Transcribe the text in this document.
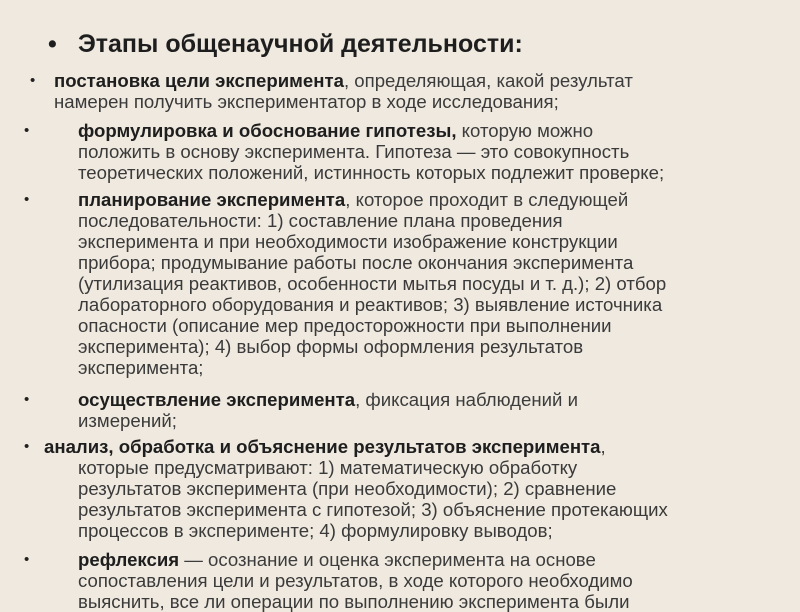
• Этапы общенаучной деятельности:
•	постановка цели эксперимента, определяющая, какой результат
намерен получить экспериментатор в ходе исследования;
•	формулировка и обоснование гипотезы, которую можно
положить в основу эксперимента. Гипотеза — это совокупность
теоретических положений, истинность которых подлежит проверке;
•	планирование эксперимента, которое проходит в следующей
последовательности: 1) составление плана проведения
эксперимента и при необходимости изображение конструкции
прибора; продумывание работы после окончания эксперимента
(утилизация реактивов, особенности мытья посуды и т. д.); 2) отбор
лабораторного оборудования и реактивов; 3) выявление источника
опасности (описание мер предосторожности при выполнении
эксперимента); 4) выбор формы оформления результатов
эксперимента;
•	осуществление эксперимента, фиксация наблюдений и
измерений;
• анализ, обработка и объяснение результатов эксперимента,
которые предусматривают: 1) математическую обработку
результатов эксперимента (при необходимости); 2) сравнение
результатов эксперимента с гипотезой; 3) объяснение протекающих
процессов в эксперименте; 4) формулировку выводов;
•	рефлексия — осознание и оценка эксперимента на основе
сопоставления цели и результатов, в ходе которого необходимо
выяснить, все ли операции по выполнению эксперимента были
